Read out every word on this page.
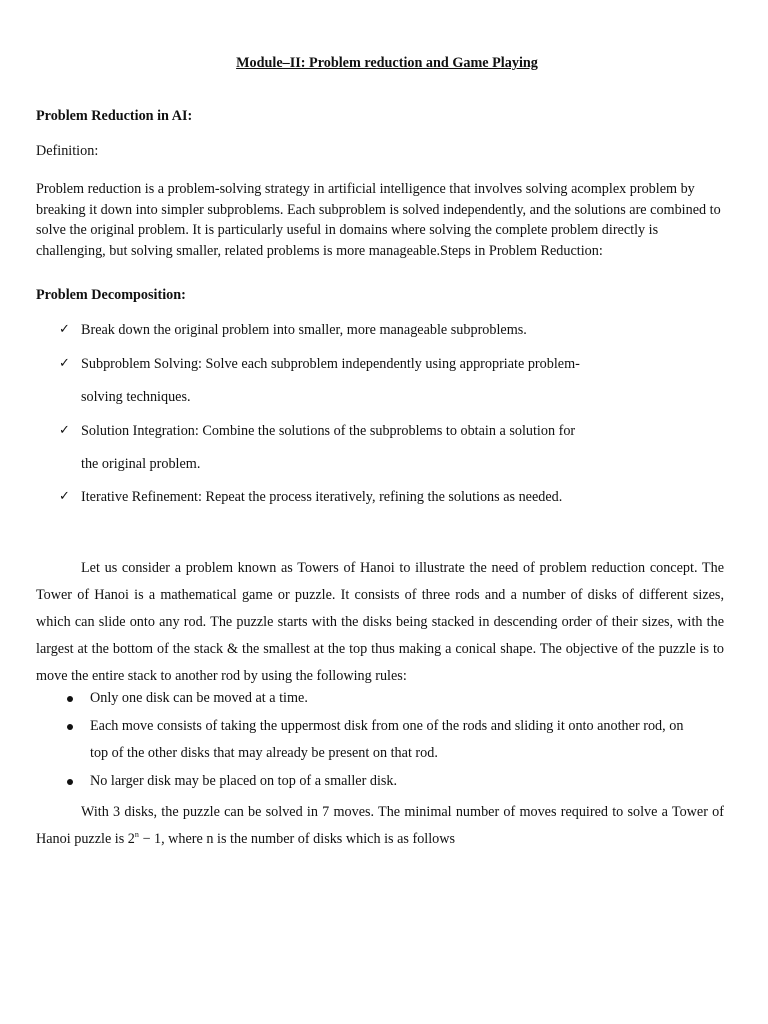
Module–II: Problem reduction and Game Playing
Problem Reduction in AI:
Definition:
Problem reduction is a problem-solving strategy in artificial intelligence that involves solving acomplex problem by breaking it down into simpler subproblems. Each subproblem is solved independently, and the solutions are combined to solve the original problem. It is particularly useful in domains where solving the complete problem directly is challenging, but solving smaller, related problems is more manageable.Steps in Problem Reduction:
Problem Decomposition:
✓ Break down the original problem into smaller, more manageable subproblems.
✓ Subproblem Solving: Solve each subproblem independently using appropriate problem-
solving techniques.
✓ Solution Integration: Combine the solutions of the subproblems to obtain a solution for
the original problem.
✓ Iterative Refinement: Repeat the process iteratively, refining the solutions as needed.
Let us consider a problem known as Towers of Hanoi to illustrate the need of problem reduction concept. The Tower of Hanoi is a mathematical game or puzzle. It consists of three rods and a number of disks of different sizes, which can slide onto any rod. The puzzle starts with the disks being stacked in descending order of their sizes, with the largest at the bottom of the stack & the smallest at the top thus making a conical shape. The objective of the puzzle is to move the entire stack to another rod by using the following rules:
Only one disk can be moved at a time.
Each move consists of taking the uppermost disk from one of the rods and sliding it onto another rod, on
top of the other disks that may already be present on that rod.
No larger disk may be placed on top of a smaller disk.
With 3 disks, the puzzle can be solved in 7 moves. The minimal number of moves required to solve a Tower of Hanoi puzzle is $2^n - 1$, where n is the number of disks which is as follows
